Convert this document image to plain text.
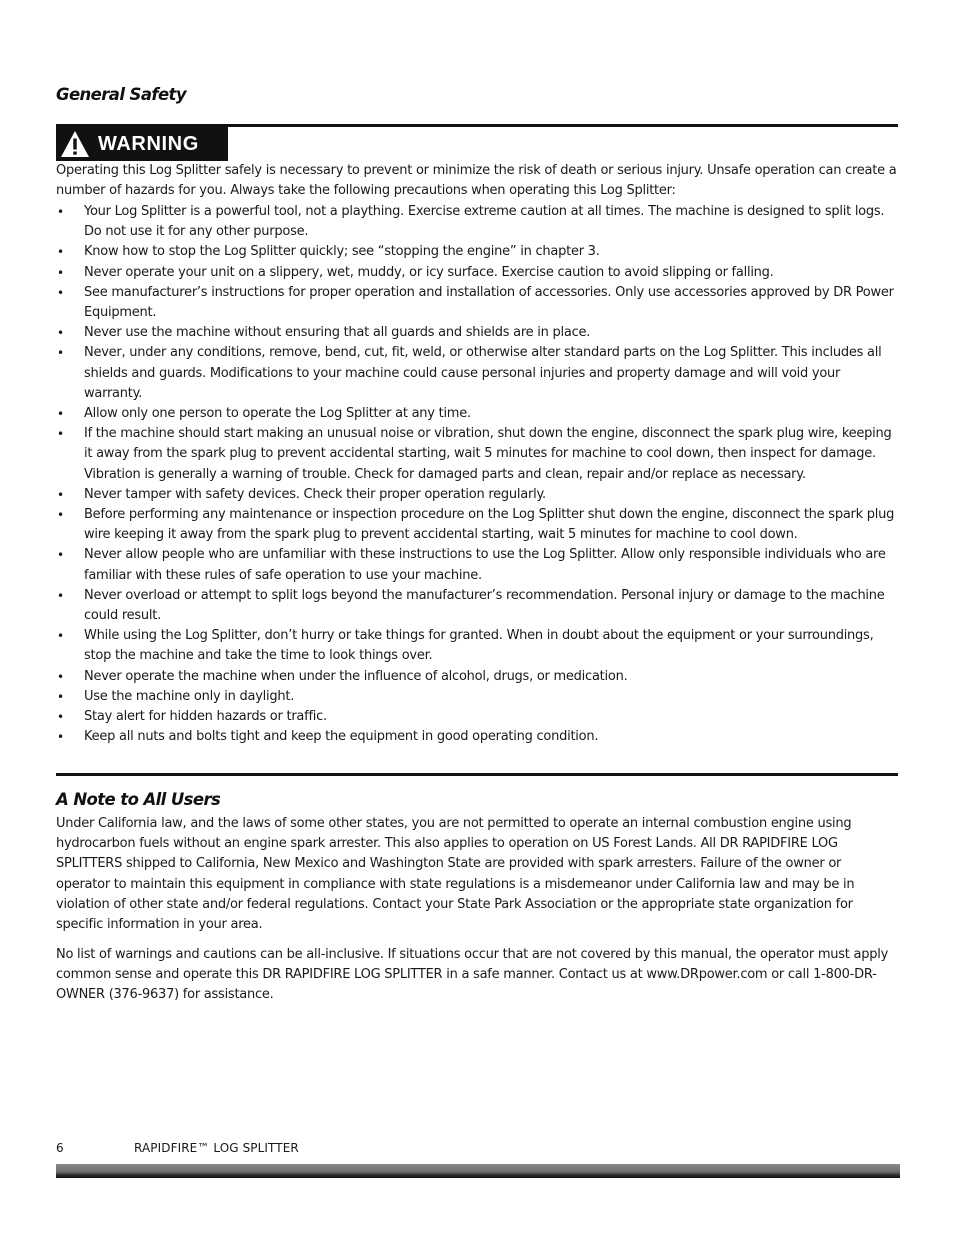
General Safety
WARNING

Operating this Log Splitter safely is necessary to prevent or minimize the risk of death or serious injury. Unsafe operation can create a number of hazards for you. Always take the following precautions when operating this Log Splitter:

• Your Log Splitter is a powerful tool, not a plaything. Exercise extreme caution at all times. The machine is designed to split logs. Do not use it for any other purpose.
• Know how to stop the Log Splitter quickly; see “stopping the engine” in chapter 3.
• Never operate your unit on a slippery, wet, muddy, or icy surface. Exercise caution to avoid slipping or falling.
• See manufacturer’s instructions for proper operation and installation of accessories. Only use accessories approved by DR Power Equipment.
• Never use the machine without ensuring that all guards and shields are in place.
• Never, under any conditions, remove, bend, cut, fit, weld, or otherwise alter standard parts on the Log Splitter. This includes all shields and guards. Modifications to your machine could cause personal injuries and property damage and will void your warranty.
• Allow only one person to operate the Log Splitter at any time.
• If the machine should start making an unusual noise or vibration, shut down the engine, disconnect the spark plug wire, keeping it away from the spark plug to prevent accidental starting, wait 5 minutes for machine to cool down, then inspect for damage. Vibration is generally a warning of trouble. Check for damaged parts and clean, repair and/or replace as necessary.
• Never tamper with safety devices. Check their proper operation regularly.
• Before performing any maintenance or inspection procedure on the Log Splitter shut down the engine, disconnect the spark plug wire keeping it away from the spark plug to prevent accidental starting, wait 5 minutes for machine to cool down.
• Never allow people who are unfamiliar with these instructions to use the Log Splitter. Allow only responsible individuals who are familiar with these rules of safe operation to use your machine.
• Never overload or attempt to split logs beyond the manufacturer’s recommendation. Personal injury or damage to the machine could result.
• While using the Log Splitter, don’t hurry or take things for granted. When in doubt about the equipment or your surroundings, stop the machine and take the time to look things over.
• Never operate the machine when under the influence of alcohol, drugs, or medication.
• Use the machine only in daylight.
• Stay alert for hidden hazards or traffic.
• Keep all nuts and bolts tight and keep the equipment in good operating condition.
A Note to All Users

Under California law, and the laws of some other states, you are not permitted to operate an internal combustion engine using hydrocarbon fuels without an engine spark arrester. This also applies to operation on US Forest Lands. All DR RAPIDFIRE LOG SPLITTERS shipped to California, New Mexico and Washington State are provided with spark arresters. Failure of the owner or operator to maintain this equipment in compliance with state regulations is a misdemeanor under California law and may be in violation of other state and/or federal regulations. Contact your State Park Association or the appropriate state organization for specific information in your area.

No list of warnings and cautions can be all-inclusive. If situations occur that are not covered by this manual, the operator must apply common sense and operate this DR RAPIDFIRE LOG SPLITTER in a safe manner. Contact us at www.DRpower.com or call 1-800-DR-OWNER (376-9637) for assistance.

6	RAPIDFIRE™ LOG SPLITTER
